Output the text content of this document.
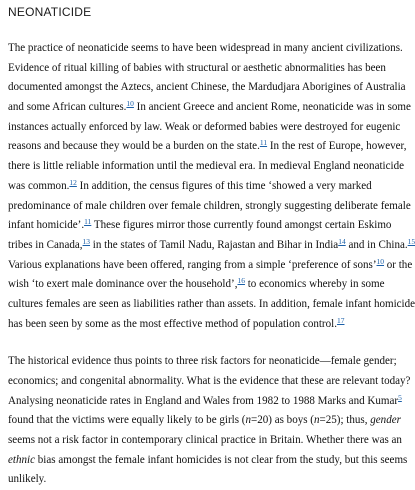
NEONATICIDE

The practice of neonaticide seems to have been widespread in many ancient civilizations.
Evidence of ritual killing of babies with structural or aesthetic abnormalities has been
documented amongst the Aztecs, ancient Chinese, the Mardudjara Aborigines of Australia
and some African cultures.$^{10}$ In ancient Greece and ancient Rome, neonaticide was in some
instances actually enforced by law. Weak or deformed babies were destroyed for eugenic
reasons and because they would be a burden on the state.$^{11}$ In the rest of Europe, however,
there is little reliable information until the medieval era. In medieval England neonaticide
was common.$^{12}$ In addition, the census figures of this time ‘showed a very marked
predominance of male children over female children, strongly suggesting deliberate female
infant homicide’.$^{11}$ These figures mirror those currently found amongst certain Eskimo
tribes in Canada,$^{13}$ in the states of Tamil Nadu, Rajastan and Bihar in India$^{14}$ and in China.$^{15}$
Various explanations have been offered, ranging from a simple ‘preference of sons’$^{10}$ or the
wish ‘to exert male dominance over the household’,$^{16}$ to economics whereby in some
cultures females are seen as liabilities rather than assets. In addition, female infant homicide
has been seen by some as the most effective method of population control.$^{17}$

The historical evidence thus points to three risk factors for neonaticide—female gender;
economics; and congenital abnormality. What is the evidence that these are relevant today?
Analysing neonaticide rates in England and Wales from 1982 to 1988 Marks and Kumar$^5$
found that the victims were equally likely to be girls (n=20) as boys (n=25); thus, gender
seems not a risk factor in contemporary clinical practice in Britain. Whether there was an
ethnic bias amongst the female infant homicides is not clear from the study, but this seems
unlikely.
